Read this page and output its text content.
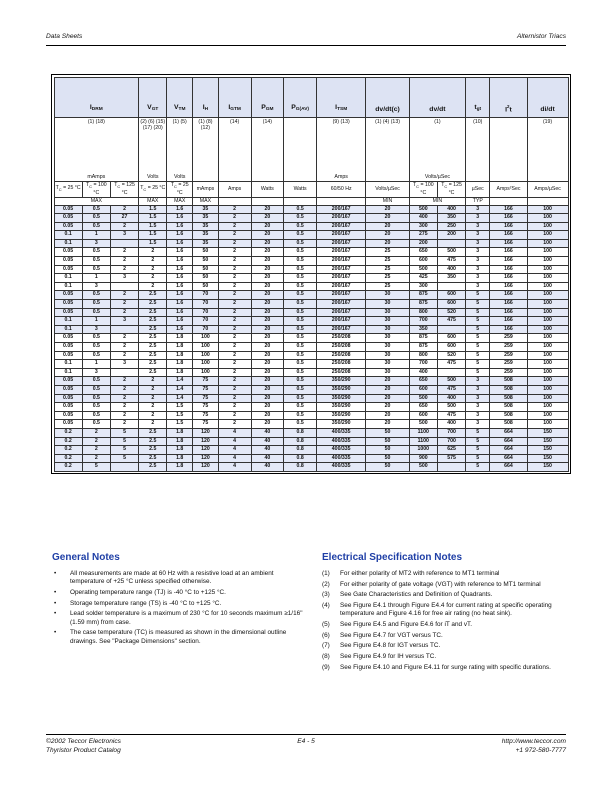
Data Sheets	Alternistor Triacs
$I_{DRM}$			$V_{GT}$	$V_{TM}$	$I_H$	$I_{GTM}$	$P_{GM}$	$P_{G(AV)}$	$I_{TSM}$	dv/dt(c)	dv/dt		$t_{gt}$	$I^2t$	di/dt
(1) (18)			(2) (6) (15) (17) (20)	(1) (5)	(1) (8) (12)	(14)	(14)		(9) (13)	(1) (4) (13)	(1)		(10)		(19)
mAmps			Volts	Volts					Amps		Volts/µSec				
$T_C = 25$ °C	$T_C = 100$ °C	$T_C = 125$ °C	$T_C = 25$ °C	$T_C = 25$ °C	mAmps	Amps	Watts	Watts	60/50 Hz	Volts/µSec	$T_C = 100$ °C	$T_C = 125$ °C	µSec	Amps²Sec	Amps/µSec
MAX			MAX	MAX	MAX					MIN	MIN		TYP		
0.05	0.5	2	1.5	1.6	35	2	20	0.5	200/167	20	500	400	3	166	100
0.05	0.5	27	1.5	1.6	35	2	20	0.5	200/167	20	400	350	3	166	100
0.05	0.5	2	1.5	1.6	35	2	20	0.5	200/167	20	300	250	3	166	100
0.1	1	3	1.5	1.6	35	2	20	0.5	200/167	20	275	200	3	166	100
0.1	3		1.5	1.6	35	2	20	0.5	200/167	20	200		3	166	100
0.05	0.5	2	2	1.6	50	2	20	0.5	200/167	25	650	500	3	166	100
0.05	0.5	2	2	1.6	50	2	20	0.5	200/167	25	600	475	3	166	100
0.05	0.5	2	2	1.6	50	2	20	0.5	200/167	25	500	400	3	166	100
0.1	1	3	2	1.6	50	2	20	0.5	200/167	25	425	350	3	166	100
0.1	3		2	1.6	50	2	20	0.5	200/167	25	300		3	166	100
0.05	0.5	2	2.5	1.6	70	2	20	0.5	200/167	30	875	600	5	166	100
0.05	0.5	2	2.5	1.6	70	2	20	0.5	200/167	30	875	600	5	166	100
0.05	0.5	2	2.5	1.6	70	2	20	0.5	200/167	30	800	520	5	166	100
0.1	1	3	2.5	1.6	70	2	20	0.5	200/167	30	700	475	5	166	100
0.1	3		2.5	1.6	70	2	20	0.5	200/167	30	350		5	166	100
0.05	0.5	2	2.5	1.8	100	2	20	0.5	250/208	30	875	600	5	259	100
0.05	0.5	2	2.5	1.8	100	2	20	0.5	250/208	30	875	600	5	259	100
0.05	0.5	2	2.5	1.8	100	2	20	0.5	250/208	30	800	520	5	259	100
0.1	1	3	2.5	1.8	100	2	20	0.5	250/208	30	700	475	5	259	100
0.1	3		2.5	1.8	100	2	20	0.5	250/208	30	400		5	259	100
0.05	0.5	2	2	1.4	75	2	20	0.5	350/290	20	650	500	3	508	100
0.05	0.5	2	2	1.4	75	2	20	0.5	350/290	20	600	475	3	508	100
0.05	0.5	2	2	1.4	75	2	20	0.5	350/290	20	500	400	3	508	100
0.05	0.5	2	2	1.5	75	2	20	0.5	350/290	20	650	500	3	508	100
0.05	0.5	2	2	1.5	75	2	20	0.5	350/290	20	600	475	3	508	100
0.05	0.5	2	2	1.5	75	2	20	0.5	350/290	20	500	400	3	508	100
0.2	2	5	2.5	1.8	120	4	40	0.8	400/335	50	1100	700	5	664	150
0.2	2	5	2.5	1.8	120	4	40	0.8	400/335	50	1100	700	5	664	150
0.2	2	5	2.5	1.8	120	4	40	0.8	400/335	50	1000	625	5	664	150
0.2	2	5	2.5	1.8	120	4	40	0.8	400/335	50	900	575	5	664	150
0.2	5		2.5	1.8	120	4	40	0.8	400/335	50	500		5	664	150
General Notes
• All measurements are made at 60 Hz with a resistive load at an ambient temperature of +25 °C unless specified otherwise.
• Operating temperature range (TJ) is -40 °C to +125 °C.
• Storage temperature range (TS) is -40 °C to +125 °C.
• Lead solder temperature is a maximum of 230 °C for 10 seconds maximum ≥1/16" (1.59 mm) from case.
• The case temperature (TC) is measured as shown in the dimensional outline drawings. See "Package Dimensions" section.
Electrical Specification Notes
(1) For either polarity of MT2 with reference to MT1 terminal
(2) For either polarity of gate voltage (VGT) with reference to MT1 terminal
(3) See Gate Characteristics and Definition of Quadrants.
(4) See Figure E4.1 through Figure E4.4 for current rating at specific operating temperature and Figure 4.16 for free air rating (no heat sink).
(5) See Figure E4.5 and Figure E4.6 for iT and vT.
(6) See Figure E4.7 for VGT versus TC.
(7) See Figure E4.8 for IGT versus TC.
(8) See Figure E4.9 for IH versus TC.
(9) See Figure E4.10 and Figure E4.11 for surge rating with specific durations.
©2002 Teccor Electronics
Thyristor Product Catalog
E4 - 5	http://www.teccor.com
+1 972-580-7777
